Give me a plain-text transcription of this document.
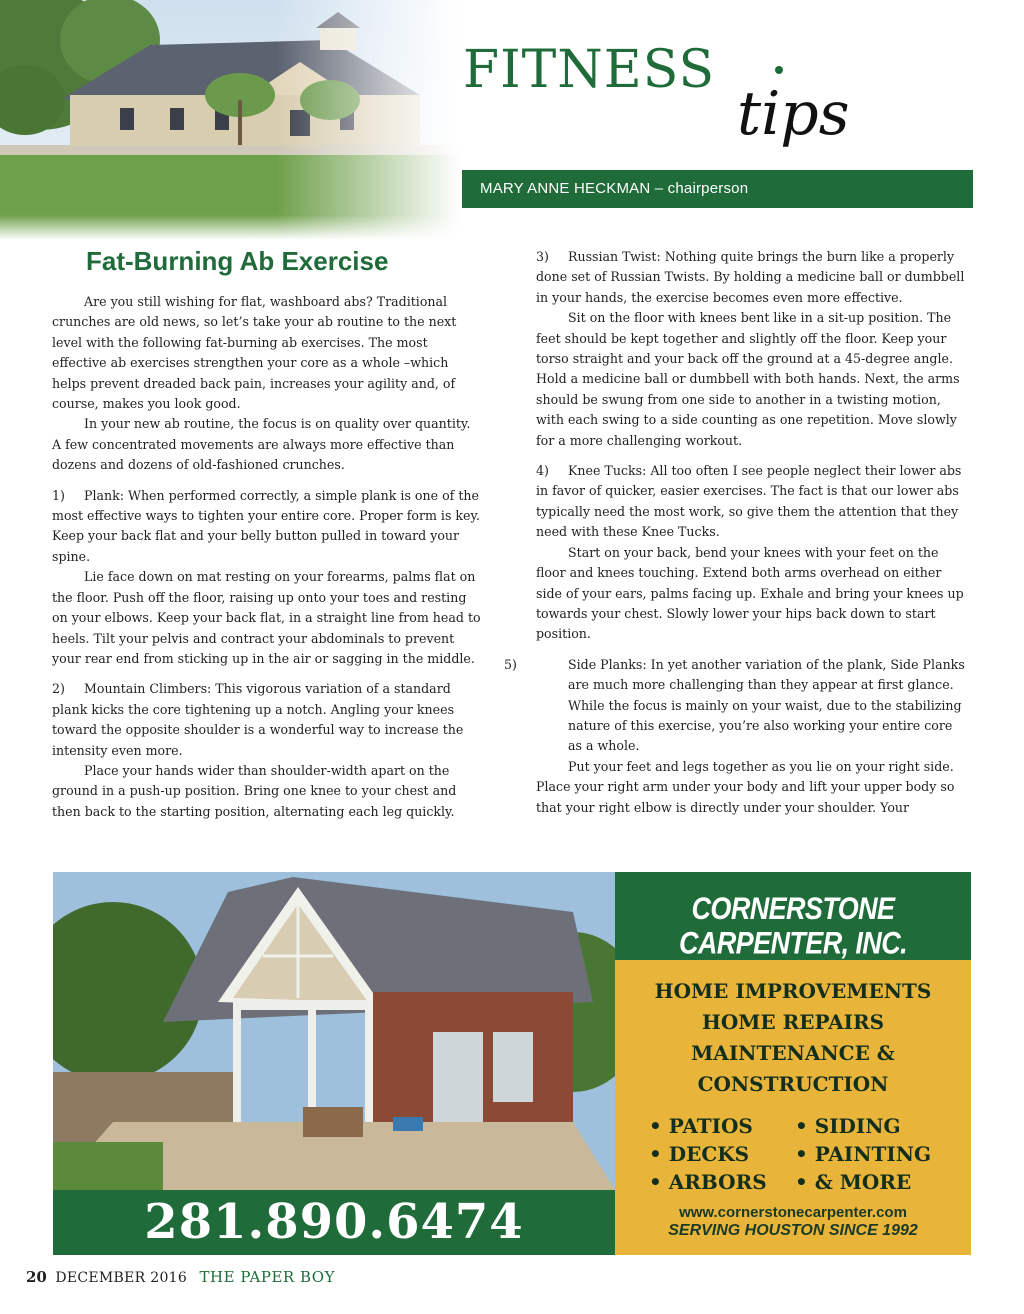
FITNESS
tips
MARY ANNE HECKMAN – chairperson

Fat-Burning Ab Exercise

Are you still wishing for flat, washboard abs? Traditional crunches are old news, so let’s take your ab routine to the next level with the following fat-burning ab exercises. The most effective ab exercises strengthen your core as a whole –which helps prevent dreaded back pain, increases your agility and, of course, makes you look good.

In your new ab routine, the focus is on quality over quantity. A few concentrated movements are always more effective than dozens and dozens of old-fashioned crunches.

1) Plank: When performed correctly, a simple plank is one of the most effective ways to tighten your entire core. Proper form is key. Keep your back flat and your belly button pulled in toward your spine.

Lie face down on mat resting on your forearms, palms flat on the floor. Push off the floor, raising up onto your toes and resting on your elbows. Keep your back flat, in a straight line from head to heels. Tilt your pelvis and contract your abdominals to prevent your rear end from sticking up in the air or sagging in the middle.

2) Mountain Climbers: This vigorous variation of a standard plank kicks the core tightening up a notch. Angling your knees toward the opposite shoulder is a wonderful way to increase the intensity even more.

Place your hands wider than shoulder-width apart on the ground in a push-up position. Bring one knee to your chest and then back to the starting position, alternating each leg quickly.

3) Russian Twist: Nothing quite brings the burn like a properly done set of Russian Twists. By holding a medicine ball or dumbbell in your hands, the exercise becomes even more effective.

Sit on the floor with knees bent like in a sit-up position. The feet should be kept together and slightly off the floor. Keep your torso straight and your back off the ground at a 45-degree angle. Hold a medicine ball or dumbbell with both hands. Next, the arms should be swung from one side to another in a twisting motion, with each swing to a side counting as one repetition. Move slowly for a more challenging workout.

4) Knee Tucks: All too often I see people neglect their lower abs in favor of quicker, easier exercises. The fact is that our lower abs typically need the most work, so give them the attention that they need with these Knee Tucks.

Start on your back, bend your knees with your feet on the floor and knees touching. Extend both arms overhead on either side of your ears, palms facing up. Exhale and bring your knees up towards your chest. Slowly lower your hips back down to start position.

5)	Side Planks: In yet another variation of the plank, Side Planks are much more challenging than they appear at first glance. While the focus is mainly on your waist, due to the stabilizing nature of this exercise, you’re also working your entire core as a whole.

Put your feet and legs together as you lie on your right side. Place your right arm under your body and lift your upper body so that your right elbow is directly under your shoulder. Your

281.890.6474
CORNERSTONE CARPENTER, INC.
HOME IMPROVEMENTS
HOME REPAIRS
MAINTENANCE &
CONSTRUCTION
• PATIOS
• DECKS
• ARBORS
• SIDING
• PAINTING
• & MORE
www.cornerstonecarpenter.com
SERVING HOUSTON SINCE 1992
20 DECEMBER 2016 THE PAPER BOY
